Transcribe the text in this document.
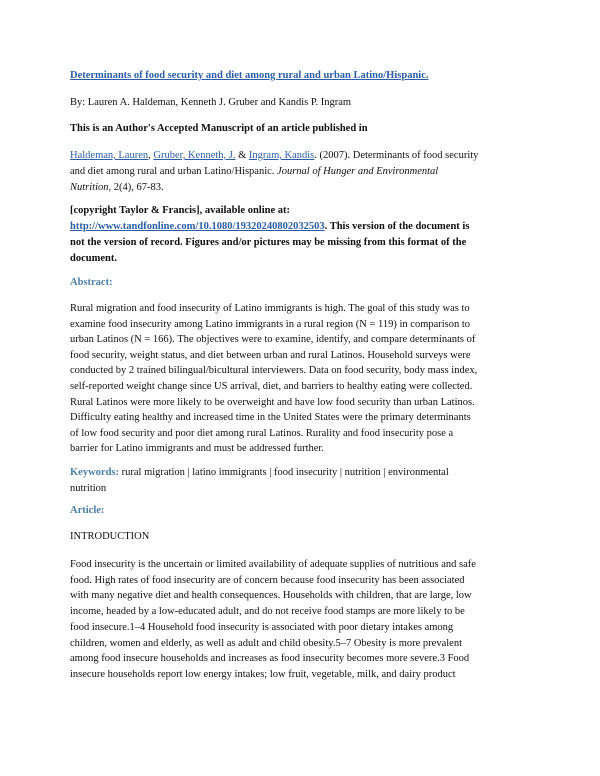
Determinants of food security and diet among rural and urban Latino/Hispanic.
By: Lauren A. Haldeman, Kenneth J. Gruber and Kandis P. Ingram
This is an Author's Accepted Manuscript of an article published in
Haldeman, Lauren, Gruber, Kenneth, J. & Ingram, Kandis. (2007). Determinants of food security
and diet among rural and urban Latino/Hispanic. Journal of Hunger and Environmental
Nutrition, 2(4), 67-83.
[copyright Taylor & Francis], available online at:
http://www.tandfonline.com/10.1080/19320240802032503. This version of the document is
not the version of record. Figures and/or pictures may be missing from this format of the
document.
Abstract:
Rural migration and food insecurity of Latino immigrants is high. The goal of this study was to
examine food insecurity among Latino immigrants in a rural region (N = 119) in comparison to
urban Latinos (N = 166). The objectives were to examine, identify, and compare determinants of
food security, weight status, and diet between urban and rural Latinos. Household surveys were
conducted by 2 trained bilingual/bicultural interviewers. Data on food security, body mass index,
self-reported weight change since US arrival, diet, and barriers to healthy eating were collected.
Rural Latinos were more likely to be overweight and have low food security than urban Latinos.
Difficulty eating healthy and increased time in the United States were the primary determinants
of low food security and poor diet among rural Latinos. Rurality and food insecurity pose a
barrier for Latino immigrants and must be addressed further.
Keywords: rural migration | latino immigrants | food insecurity | nutrition | environmental
nutrition
Article:
INTRODUCTION
Food insecurity is the uncertain or limited availability of adequate supplies of nutritious and safe
food. High rates of food insecurity are of concern because food insecurity has been associated
with many negative diet and health consequences. Households with children, that are large, low
income, headed by a low-educated adult, and do not receive food stamps are more likely to be
food insecure.1–4 Household food insecurity is associated with poor dietary intakes among
children, women and elderly, as well as adult and child obesity.5–7 Obesity is more prevalent
among food insecure households and increases as food insecurity becomes more severe.3 Food
insecure households report low energy intakes; low fruit, vegetable, milk, and dairy product
